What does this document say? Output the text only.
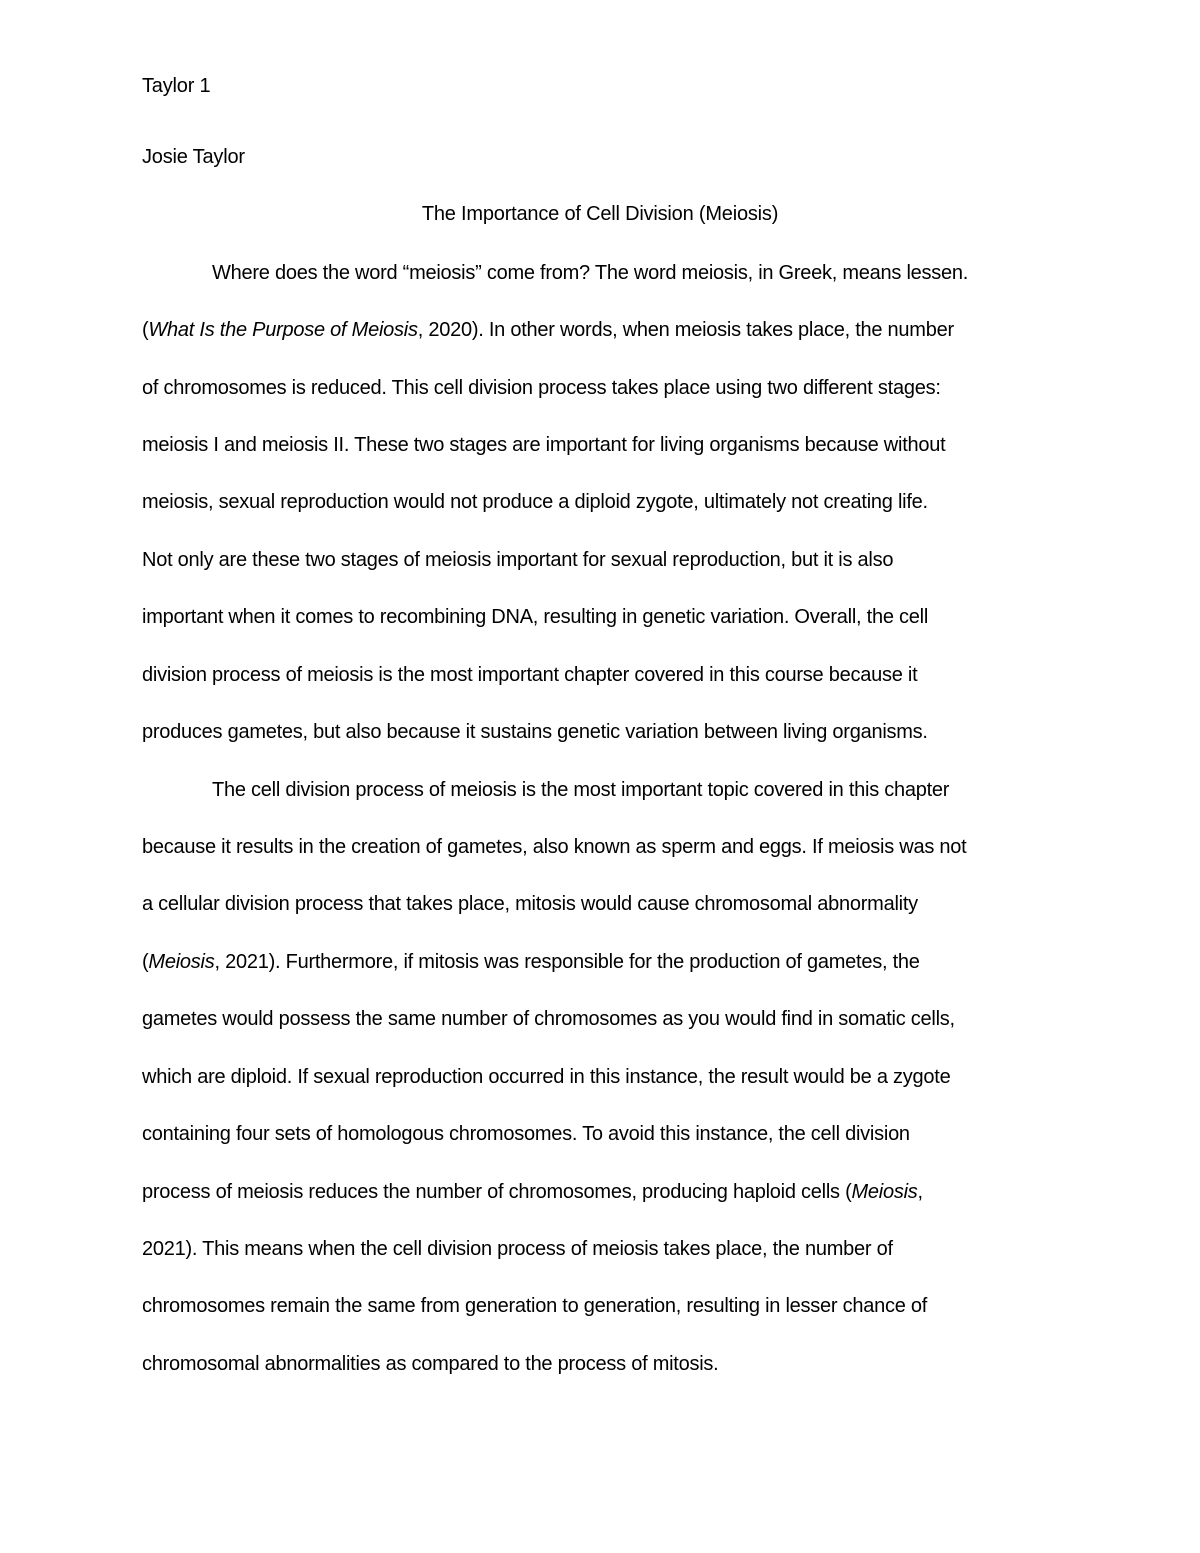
Taylor 1
Josie Taylor
The Importance of Cell Division (Meiosis)
Where does the word “meiosis” come from? The word meiosis, in Greek, means lessen.
(What Is the Purpose of Meiosis, 2020). In other words, when meiosis takes place, the number
of chromosomes is reduced. This cell division process takes place using two different stages:
meiosis I and meiosis II. These two stages are important for living organisms because without
meiosis, sexual reproduction would not produce a diploid zygote, ultimately not creating life.
Not only are these two stages of meiosis important for sexual reproduction, but it is also
important when it comes to recombining DNA, resulting in genetic variation. Overall, the cell
division process of meiosis is the most important chapter covered in this course because it
produces gametes, but also because it sustains genetic variation between living organisms.
The cell division process of meiosis is the most important topic covered in this chapter
because it results in the creation of gametes, also known as sperm and eggs. If meiosis was not
a cellular division process that takes place, mitosis would cause chromosomal abnormality
(Meiosis, 2021). Furthermore, if mitosis was responsible for the production of gametes, the
gametes would possess the same number of chromosomes as you would find in somatic cells,
which are diploid. If sexual reproduction occurred in this instance, the result would be a zygote
containing four sets of homologous chromosomes. To avoid this instance, the cell division
process of meiosis reduces the number of chromosomes, producing haploid cells (Meiosis,
2021). This means when the cell division process of meiosis takes place, the number of
chromosomes remain the same from generation to generation, resulting in lesser chance of
chromosomal abnormalities as compared to the process of mitosis.
